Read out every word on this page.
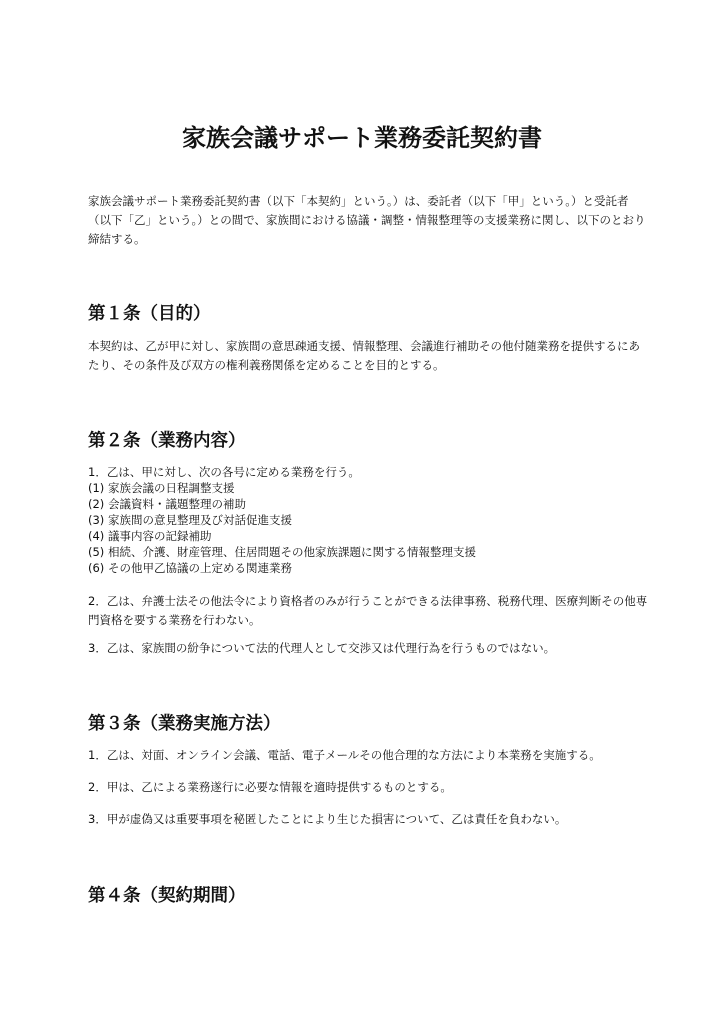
家族会議サポート業務委託契約書

家族会議サポート業務委託契約書（以下「本契約」という。）は、委託者（以下「甲」という。）と受託者（以下「乙」という。）との間で、家族間における協議・調整・情報整理等の支援業務に関し、以下のとおり締結する。

第１条（目的）

本契約は、乙が甲に対し、家族間の意思疎通支援、情報整理、会議進行補助その他付随業務を提供するにあたり、その条件及び双方の権利義務関係を定めることを目的とする。

第２条（業務内容）

1．乙は、甲に対し、次の各号に定める業務を行う。

(1) 家族会議の日程調整支援

(2) 会議資料・議題整理の補助

(3) 家族間の意見整理及び対話促進支援

(4) 議事内容の記録補助

(5) 相続、介護、財産管理、住居問題その他家族課題に関する情報整理支援

(6) その他甲乙協議の上定める関連業務

2．乙は、弁護士法その他法令により資格者のみが行うことができる法律事務、税務代理、医療判断その他専門資格を要する業務を行わない。

3．乙は、家族間の紛争について法的代理人として交渉又は代理行為を行うものではない。

第３条（業務実施方法）

1．乙は、対面、オンライン会議、電話、電子メールその他合理的な方法により本業務を実施する。

2．甲は、乙による業務遂行に必要な情報を適時提供するものとする。

3．甲が虚偽又は重要事項を秘匿したことにより生じた損害について、乙は責任を負わない。

第４条（契約期間）
